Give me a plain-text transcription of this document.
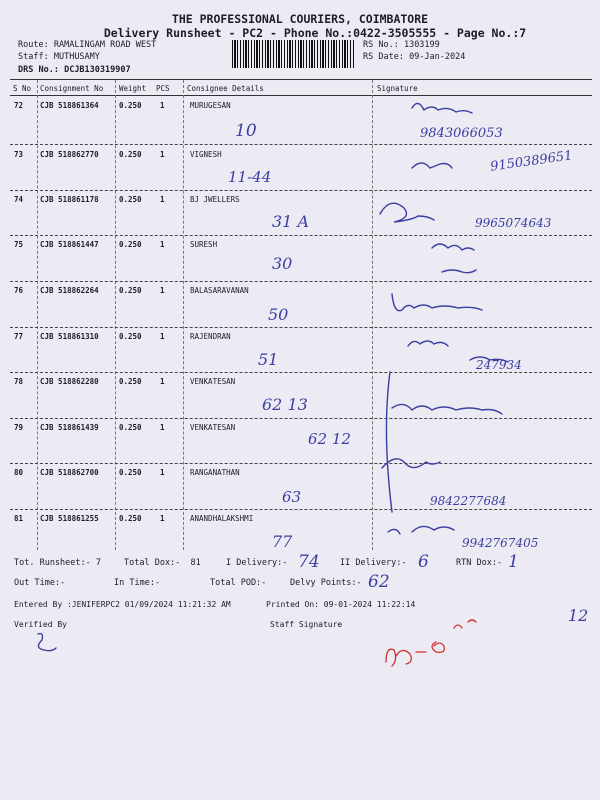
THE PROFESSIONAL COURIERS, COIMBATORE
Delivery Runsheet - PC2 - Phone No.:0422-3505555 - Page No.:7
Route: RAMALINGAM ROAD WEST
Staff: MUTHUSAMY
DRS No.: DCJB130319907
RS No.: 1303199
RS Date: 09-Jan-2024
S No Consignment No Weight PCS Consignee Details	Signature
72 CJB 518861364	0.250 1	MURUGESAN
10	9843066053
73 CJB 518862770	0.250 1	VIGNESH
11-44
9150389651
74 CJB 518861178	0.250 1	BJ JWELLERS
31 A	9965074643
75 CJB 518861447	0.250 1	SURESH
30
76 CJB 518862264	0.250 1	BALASARAVANAN
50
77 CJB 518861310	0.250 1	RAJENDRAN
51	247934
78 CJB 518862280	0.250 1	VENKATESAN
62 13
79 CJB 518861439	0.250 1	VENKATESAN
62 12
80 CJB 518862700	0.250 1	RANGANATHAN
63	9842277684
81 CJB 518861255	0.250 1	ANANDHALAKSHMI
77	9942767405
Tot. Runsheet:- 7	Total Dox:- 81	I Delivery:- 74 II Delivery:- 6	RTN Dox:- 1
Out Time:-	In Time:-	Total POD:-	Delvy Points:- 62
Entered By :JENIFERPC2 01/09/2024 11:21:32 AM	Printed On: 09-01-2024 11:22:14
Verified By	Staff Signature	12
